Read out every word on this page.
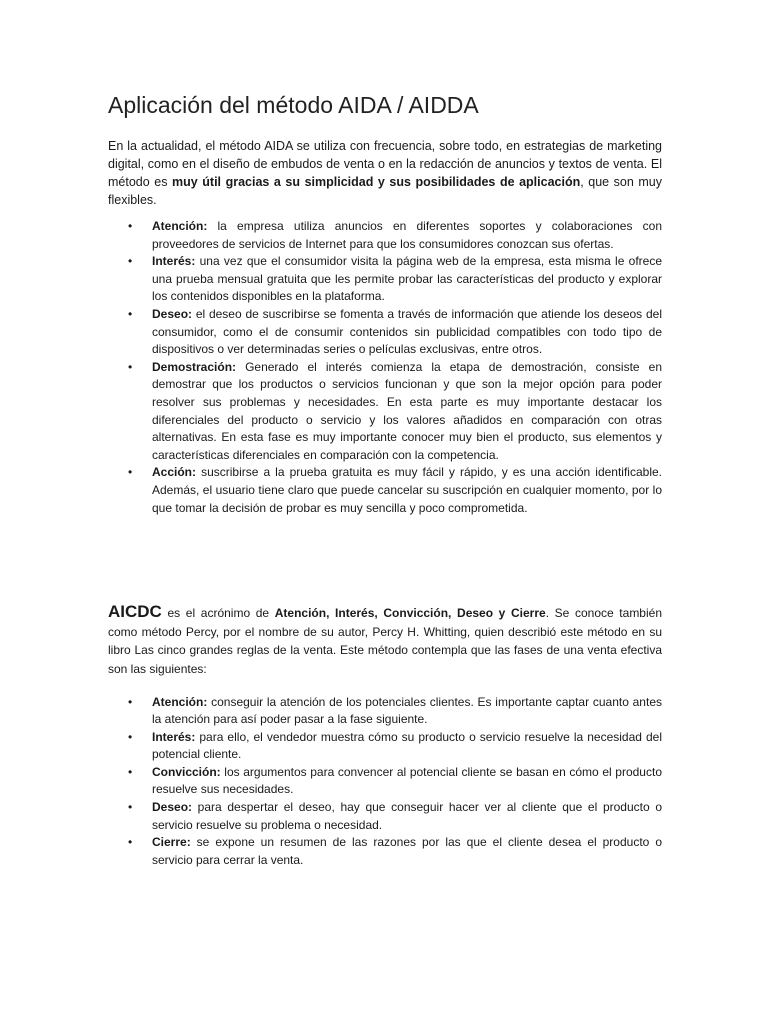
Aplicación del método AIDA / AIDDA

En la actualidad, el método AIDA se utiliza con frecuencia, sobre todo, en estrategias de marketing digital, como en el diseño de embudos de venta o en la redacción de anuncios y textos de venta. El método es muy útil gracias a su simplicidad y sus posibilidades de aplicación, que son muy flexibles.

• Atención: la empresa utiliza anuncios en diferentes soportes y colaboraciones con proveedores de servicios de Internet para que los consumidores conozcan sus ofertas.
• Interés: una vez que el consumidor visita la página web de la empresa, esta misma le ofrece una prueba mensual gratuita que les permite probar las características del producto y explorar los contenidos disponibles en la plataforma.
• Deseo: el deseo de suscribirse se fomenta a través de información que atiende los deseos del consumidor, como el de consumir contenidos sin publicidad compatibles con todo tipo de dispositivos o ver determinadas series o películas exclusivas, entre otros.
• Demostración: Generado el interés comienza la etapa de demostración, consiste en demostrar que los productos o servicios funcionan y que son la mejor opción para poder resolver sus problemas y necesidades. En esta parte es muy importante destacar los diferenciales del producto o servicio y los valores añadidos en comparación con otras alternativas. En esta fase es muy importante conocer muy bien el producto, sus elementos y características diferenciales en comparación con la competencia.
• Acción: suscribirse a la prueba gratuita es muy fácil y rápido, y es una acción identificable. Además, el usuario tiene claro que puede cancelar su suscripción en cualquier momento, por lo que tomar la decisión de probar es muy sencilla y poco comprometida.

AICDC es el acrónimo de Atención, Interés, Convicción, Deseo y Cierre. Se conoce también como método Percy, por el nombre de su autor, Percy H. Whitting, quien describió este método en su libro Las cinco grandes reglas de la venta. Este método contempla que las fases de una venta efectiva son las siguientes:

• Atención: conseguir la atención de los potenciales clientes. Es importante captar cuanto antes la atención para así poder pasar a la fase siguiente.
• Interés: para ello, el vendedor muestra cómo su producto o servicio resuelve la necesidad del potencial cliente.
• Convicción: los argumentos para convencer al potencial cliente se basan en cómo el producto resuelve sus necesidades.
• Deseo: para despertar el deseo, hay que conseguir hacer ver al cliente que el producto o servicio resuelve su problema o necesidad.
• Cierre: se expone un resumen de las razones por las que el cliente desea el producto o servicio para cerrar la venta.
